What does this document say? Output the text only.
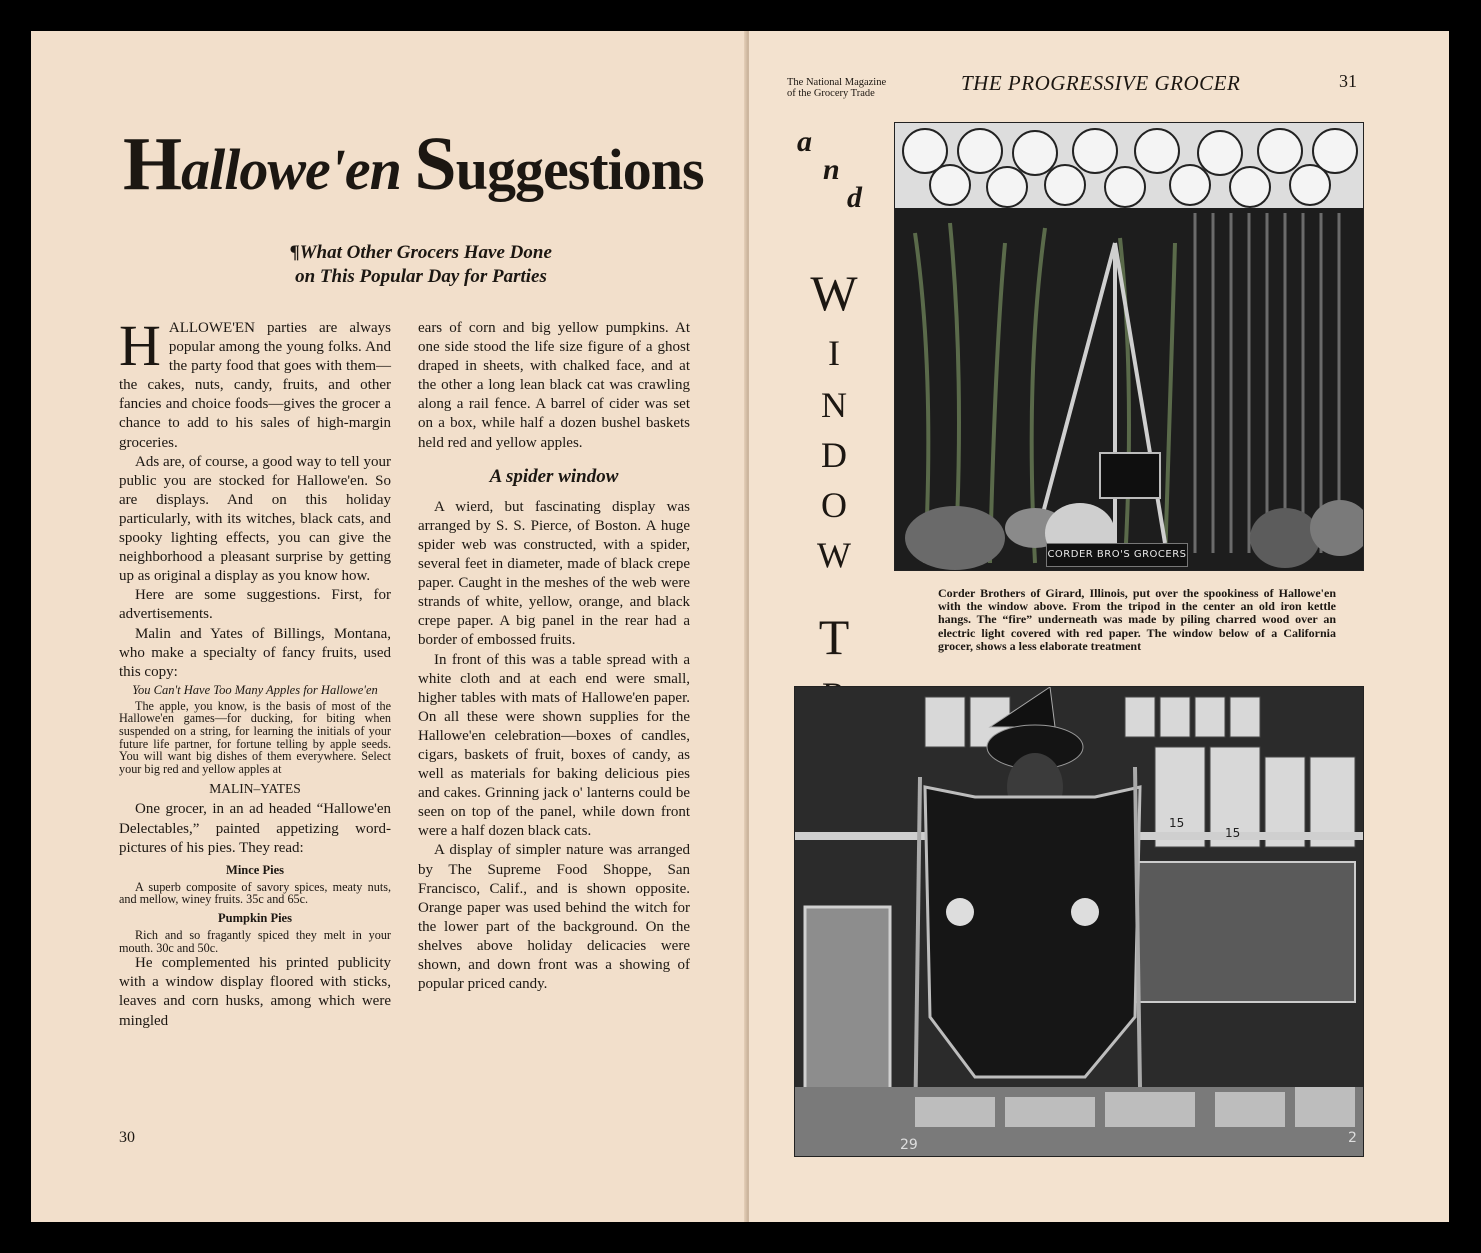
Hallowe'en Suggestions
¶What Other Grocers Have Done
on This Popular Day for Parties

HALLOWE'EN parties are always popular among the young folks. And the party food that goes with them—the cakes, nuts, candy, fruits, and other fancies and choice foods—gives the grocer a chance to add to his sales of high-margin groceries.

Ads are, of course, a good way to tell your public you are stocked for Hallowe'en. So are displays. And on this holiday particularly, with its witches, black cats, and spooky lighting effects, you can give the neighborhood a pleasant surprise by getting up as original a display as you know how.

Here are some suggestions. First, for advertisements.

Malin and Yates of Billings, Montana, who make a specialty of fancy fruits, used this copy:

You Can't Have Too Many Apples for Hallowe'en

The apple, you know, is the basis of most of the Hallowe'en games—for ducking, for biting when suspended on a string, for learning the initials of your future life partner, for fortune telling by apple seeds. You will want big dishes of them everywhere. Select your big red and yellow apples at

MALIN–YATES

One grocer, in an ad headed “Hallowe'en Delectables,” painted appetizing word-pictures of his pies. They read:

Mince Pies

A superb composite of savory spices, meaty nuts, and mellow, winey fruits. 35c and 65c.

Pumpkin Pies

Rich and so fragantly spiced they melt in your mouth. 30c and 50c.

He complemented his printed publicity with a window display floored with sticks, leaves and corn husks, among which were mingled

ears of corn and big yellow pumpkins. At one side stood the life size figure of a ghost draped in sheets, with chalked face, and at the other a long lean black cat was crawling along a rail fence. A barrel of cider was set on a box, while half a dozen bushel baskets held red and yellow apples.

A spider window

A wierd, but fascinating display was arranged by S. S. Pierce, of Boston. A huge spider web was constructed, with a spider, several feet in diameter, made of black crepe paper. Caught in the meshes of the web were strands of white, yellow, orange, and black crepe paper. A big panel in the rear had a border of embossed fruits.

In front of this was a table spread with a white cloth and at each end were small, higher tables with mats of Hallowe'en paper. On all these were shown supplies for the Hallowe'en celebration—boxes of candles, cigars, baskets of fruit, boxes of candy, as well as materials for baking delicious pies and cakes. Grinning jack o' lanterns could be seen on top of the panel, while down front were a half dozen black cats.

A display of simpler nature was arranged by The Supreme Food Shoppe, San Francisco, Calif., and is shown opposite. Orange paper was used behind the witch for the lower part of the background. On the shelves above holiday delicacies were shown, and down front was a showing of popular priced candy.

30
The National Magazine
of the Grocery Trade	THE PROGRESSIVE GROCER	31
a
n
d
W
I
N
D
O
W
T
CORDER BRO'S GROCERS
Corder Brothers of Girard, Illinois, put over the spookiness of Hallowe'en with the window above. From the tripod in the center an old iron kettle hangs. The “fire” underneath was made by piling charred wood over an electric light covered with red paper. The window below of a California grocer, shows a less elaborate treatment
15
15
29	2
